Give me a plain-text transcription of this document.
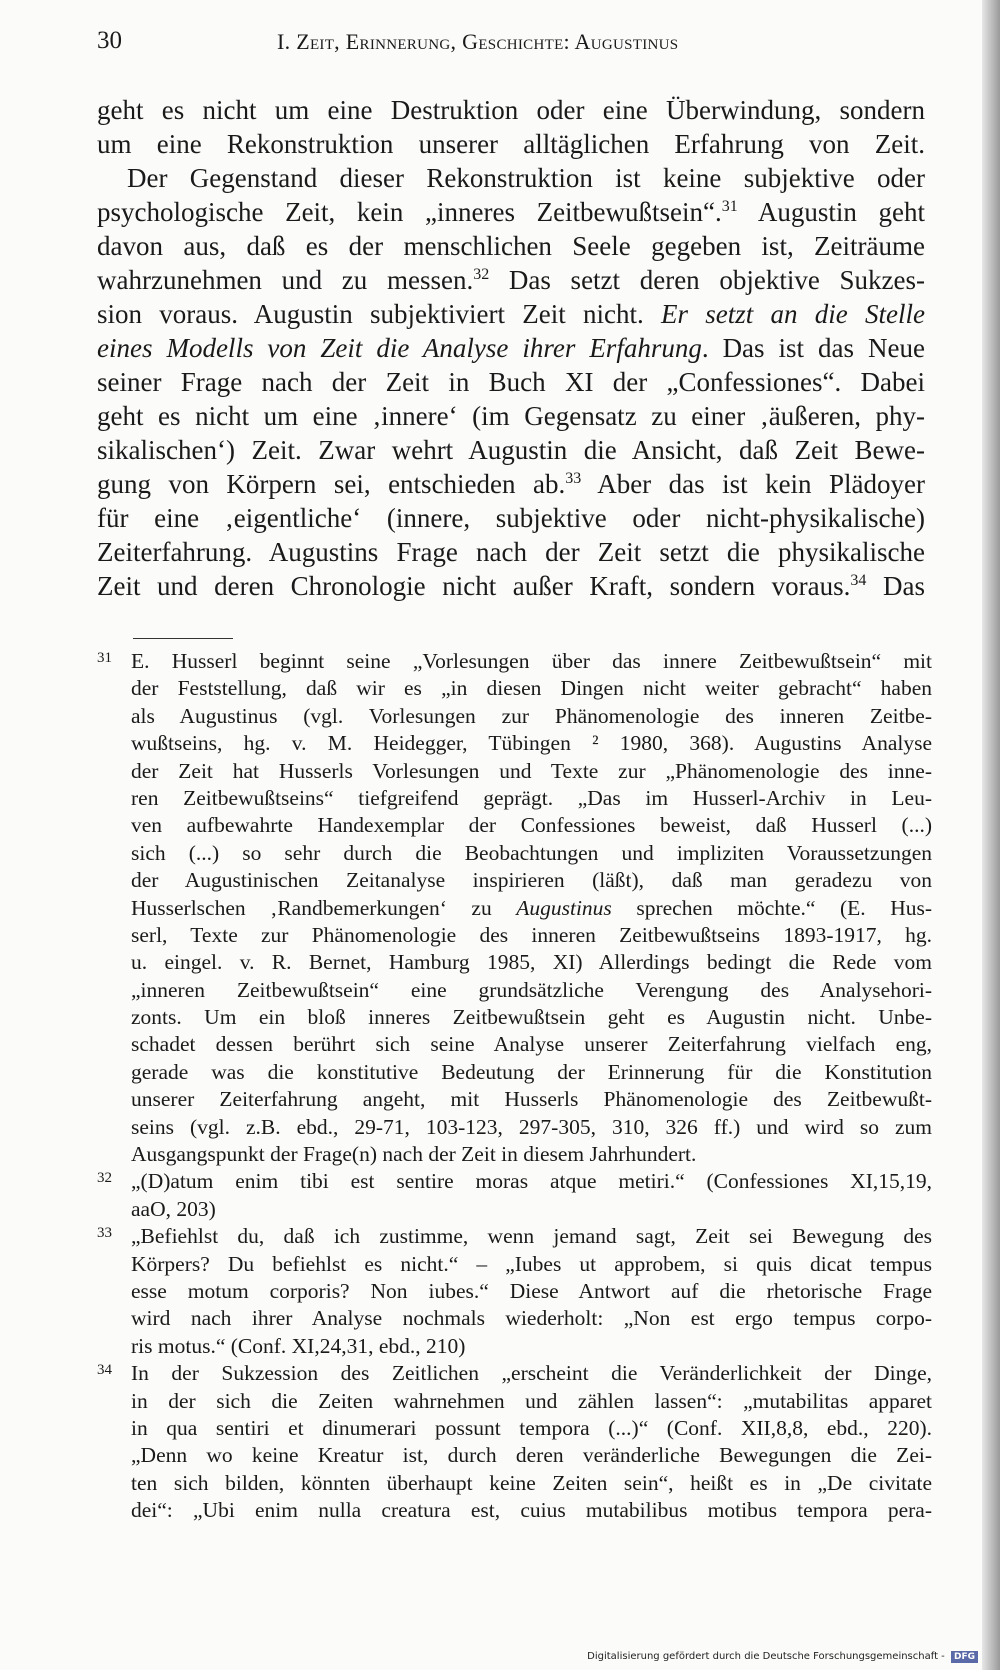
30	I. Zeit, Erinnerung, Geschichte: Augustinus
geht es nicht um eine Destruktion oder eine Überwindung, sondern
um eine Rekonstruktion unserer alltäglichen Erfahrung von Zeit.
Der Gegenstand dieser Rekonstruktion ist keine subjektive oder
psychologische Zeit, kein „inneres Zeitbewußtsein“.$^{31}$ Augustin geht
davon aus, daß es der menschlichen Seele gegeben ist, Zeiträume
wahrzunehmen und zu messen.$^{32}$ Das setzt deren objektive Sukzes-
sion voraus. Augustin subjektiviert Zeit nicht. Er setzt an die Stelle
eines Modells von Zeit die Analyse ihrer Erfahrung. Das ist das Neue
seiner Frage nach der Zeit in Buch XI der „Confessiones“. Dabei
geht es nicht um eine ‚innere‘ (im Gegensatz zu einer ‚äußeren, phy-
sikalischen‘) Zeit. Zwar wehrt Augustin die Ansicht, daß Zeit Bewe-
gung von Körpern sei, entschieden ab.$^{33}$ Aber das ist kein Plädoyer
für eine ‚eigentliche‘ (innere, subjektive oder nicht-physikalische)
Zeiterfahrung. Augustins Frage nach der Zeit setzt die physikalische
Zeit und deren Chronologie nicht außer Kraft, sondern voraus.$^{34}$ Das
31 E. Husserl beginnt seine „Vorlesungen über das innere Zeitbewußtsein“ mit
der Feststellung, daß wir es „in diesen Dingen nicht weiter gebracht“ haben
als Augustinus (vgl. Vorlesungen zur Phänomenologie des inneren Zeitbe-
wußtseins, hg. v. M. Heidegger, Tübingen ² 1980, 368). Augustins Analyse
der Zeit hat Husserls Vorlesungen und Texte zur „Phänomenologie des inne-
ren Zeitbewußtseins“ tiefgreifend geprägt. „Das im Husserl-Archiv in Leu-
ven aufbewahrte Handexemplar der Confessiones beweist, daß Husserl (...)
sich (...) so sehr durch die Beobachtungen und impliziten Voraussetzungen
der Augustinischen Zeitanalyse inspirieren (läßt), daß man geradezu von
Husserlschen ‚Randbemerkungen‘ zu Augustinus sprechen möchte.“ (E. Hus-
serl, Texte zur Phänomenologie des inneren Zeitbewußtseins 1893-1917, hg.
u. eingel. v. R. Bernet, Hamburg 1985, XI) Allerdings bedingt die Rede vom
„inneren Zeitbewußtsein“ eine grundsätzliche Verengung des Analysehori-
zonts. Um ein bloß inneres Zeitbewußtsein geht es Augustin nicht. Unbe-
schadet dessen berührt sich seine Analyse unserer Zeiterfahrung vielfach eng,
gerade was die konstitutive Bedeutung der Erinnerung für die Konstitution
unserer Zeiterfahrung angeht, mit Husserls Phänomenologie des Zeitbewußt-
seins (vgl. z.B. ebd., 29-71, 103-123, 297-305, 310, 326 ff.) und wird so zum
Ausgangspunkt der Frage(n) nach der Zeit in diesem Jahrhundert.
32 „(D)atum enim tibi est sentire moras atque metiri.“ (Confessiones XI,15,19,
aaO, 203)
33 „Befiehlst du, daß ich zustimme, wenn jemand sagt, Zeit sei Bewegung des
Körpers? Du befiehlst es nicht.“ – „Iubes ut approbem, si quis dicat tempus
esse motum corporis? Non iubes.“ Diese Antwort auf die rhetorische Frage
wird nach ihrer Analyse nochmals wiederholt: „Non est ergo tempus corpo-
ris motus.“ (Conf. XI,24,31, ebd., 210)
34 In der Sukzession des Zeitlichen „erscheint die Veränderlichkeit der Dinge,
in der sich die Zeiten wahrnehmen und zählen lassen“: „mutabilitas apparet
in qua sentiri et dinumerari possunt tempora (...)“ (Conf. XII,8,8, ebd., 220).
„Denn wo keine Kreatur ist, durch deren veränderliche Bewegungen die Zei-
ten sich bilden, könnten überhaupt keine Zeiten sein“, heißt es in „De civitate
dei“: „Ubi enim nulla creatura est, cuius mutabilibus motibus tempora pera-
Digitalisierung gefördert durch die Deutsche Forschungsgemeinschaft - DFG
